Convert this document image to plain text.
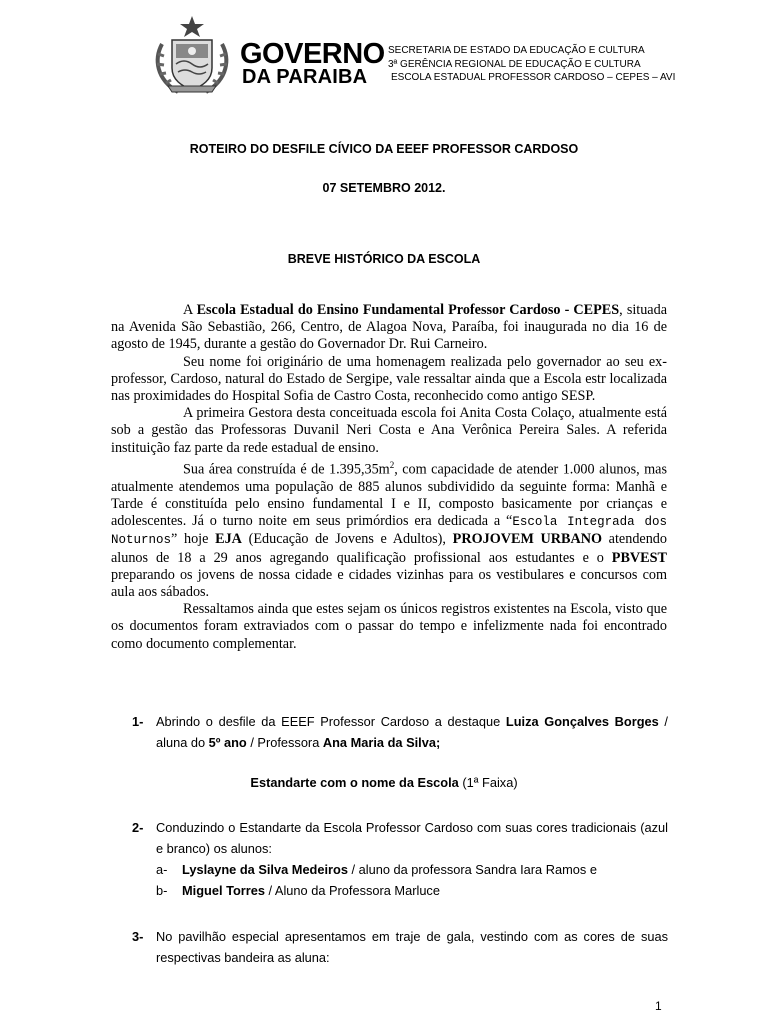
GOVERNO
DA PARAIBA
SECRETARIA DE ESTADO DA EDUCAÇÃO E CULTURA
3ª GERÊNCIA REGIONAL DE EDUCAÇÃO E CULTURA
ESCOLA ESTADUAL PROFESSOR CARDOSO – CEPES – AVI
ROTEIRO DO DESFILE CÍVICO DA EEEF PROFESSOR CARDOSO
07 SETEMBRO 2012.
BREVE HISTÓRICO DA ESCOLA

A Escola Estadual do Ensino Fundamental Professor Cardoso - CEPES, situada na Avenida São Sebastião, 266, Centro, de Alagoa Nova, Paraíba, foi inaugurada no dia 16 de agosto de 1945, durante a gestão do Governador Dr. Rui Carneiro.

Seu nome foi originário de uma homenagem realizada pelo governador ao seu ex-professor, Cardoso, natural do Estado de Sergipe, vale ressaltar ainda que a Escola estr localizada nas proximidades do Hospital Sofia de Castro Costa, reconhecido como antigo SESP.

A primeira Gestora desta conceituada escola foi Anita Costa Colaço, atualmente está sob a gestão das Professoras Duvanil Neri Costa e Ana Verônica Pereira Sales. A referida instituição faz parte da rede estadual de ensino.

Sua área construída é de $1.395,35m^2$, com capacidade de atender 1.000 alunos, mas atualmente atendemos uma população de 885 alunos subdividido da seguinte forma: Manhã e Tarde é constituída pelo ensino fundamental I e II, composto basicamente por crianças e adolescentes. Já o turno noite em seus primórdios era dedicada a “Escola Integrada dos Noturnos” hoje EJA (Educação de Jovens e Adultos), PROJOVEM URBANO atendendo alunos de 18 a 29 anos agregando qualificação profissional aos estudantes e o PBVEST preparando os jovens de nossa cidade e cidades vizinhas para os vestibulares e concursos com aula aos sábados.

Ressaltamos ainda que estes sejam os únicos registros existentes na Escola, visto que os documentos foram extraviados com o passar do tempo e infelizmente nada foi encontrado como documento complementar.

1- Abrindo o desfile da EEEF Professor Cardoso a destaque Luiza Gonçalves Borges / aluna do 5º ano / Professora Ana Maria da Silva;
Estandarte com o nome da Escola (1ª Faixa)
2- Conduzindo o Estandarte da Escola Professor Cardoso com suas cores tradicionais (azul e branco) os alunos:
a- Lyslayne da Silva Medeiros / aluno da professora Sandra Iara Ramos e
b- Miguel Torres / Aluno da Professora Marluce
3- No pavilhão especial apresentamos em traje de gala, vestindo com as cores de suas respectivas bandeira as aluna:
1
